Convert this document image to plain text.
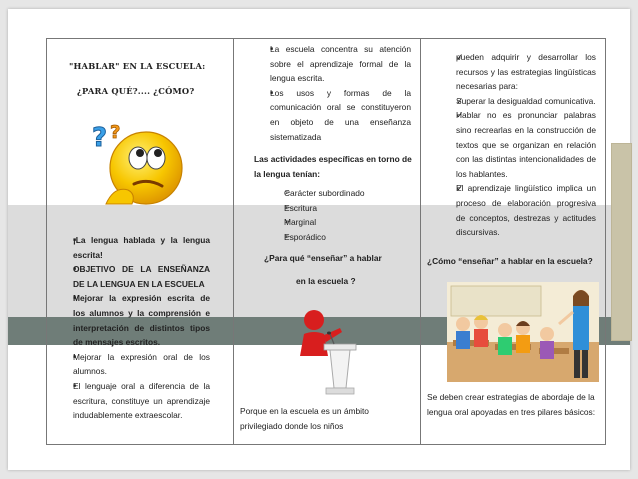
"HABLAR" EN LA ESCUELA:
¿PARA QUÉ?.... ¿CÓMO?
? ?
■ ¡La lengua hablada y la lengua escrita!
■ OBJETIVO DE LA ENSEÑANZA DE LA LENGUA EN LA ESCUELA
■ Mejorar la expresión escrita de los alumnos y la comprensión e interpretación de distintos tipos de mensajes escritos.
■ Mejorar la expresión oral de los alumnos.
■ El lenguaje oral a diferencia de la escritura, constituye un aprendizaje indudablemente extraescolar.
■ La escuela concentra su atención sobre el aprendizaje formal de la lengua escrita.
■ Los usos y formas de la comunicación oral se constituyeron en objeto de una enseñanza sistematizada
Las actividades específicas en torno de la lengua tenían:
➢ Carácter subordinado
➢ Escritura
➢ Marginal
➢ Esporádico
¿Para qué “enseñar” a hablar
en la escuela ?
Porque en la escuela es un ámbito privilegiado donde los niños
✓ pueden adquirir y desarrollar los recursos y las estrategias lingüísticas necesarias para:
✓ Superar la desigualdad comunicativa.
✓ Hablar no es pronunciar palabras sino recrearlas en la construcción de textos que se organizan en relación con las distintas intencionalidades de los hablantes.
✓ El aprendizaje lingüístico implica un proceso de elaboración progresiva de conceptos, destrezas y actitudes discursivas.
¿Cómo “enseñar” a hablar en la escuela?
Se deben crear estrategias de abordaje de la lengua oral apoyadas en tres pilares básicos:
